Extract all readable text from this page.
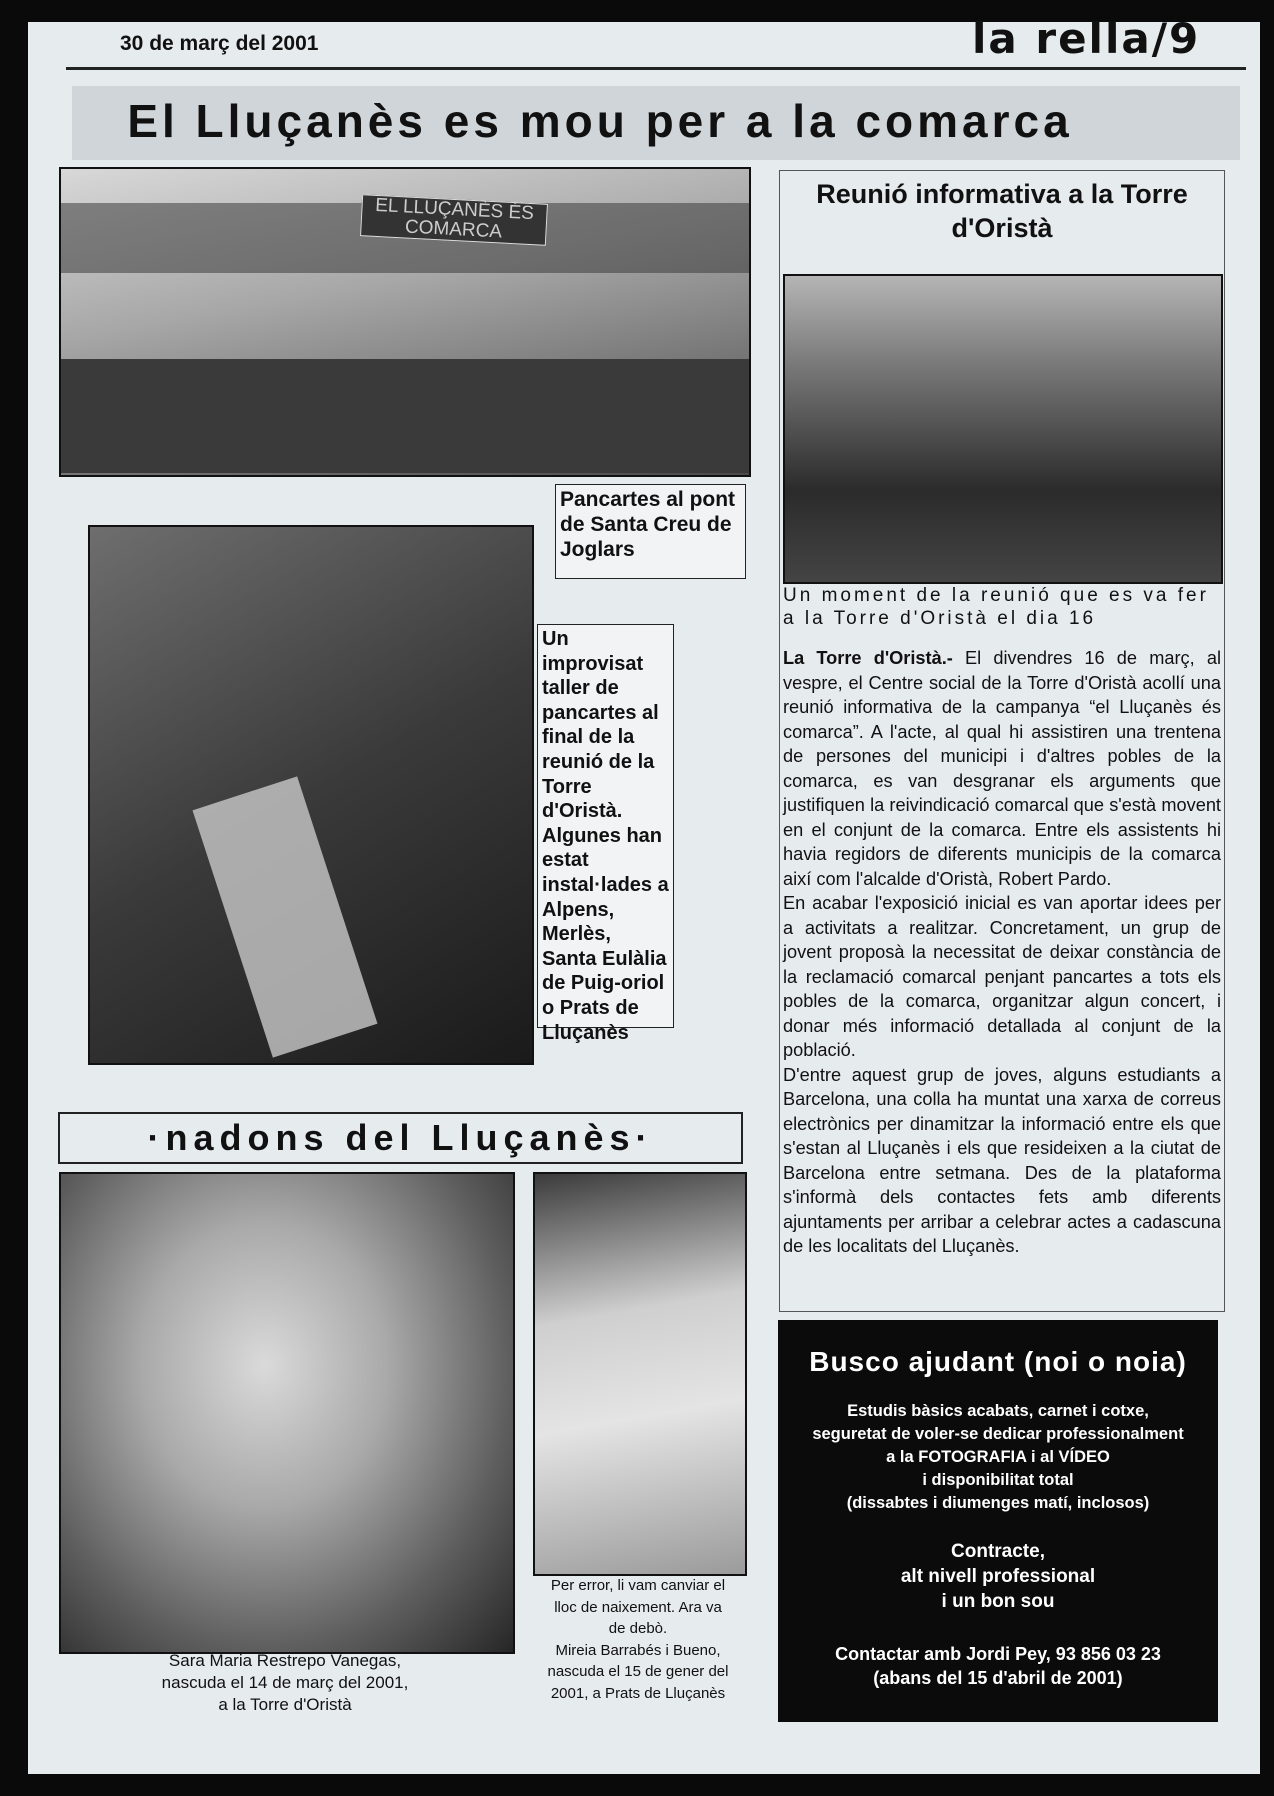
30 de març del 2001	la rella/9
El Lluçanès es mou per a la comarca
EL LLUÇANÈS ÉS COMARCA
Pancartes al pont de Santa Creu de Joglars
Un improvisat taller de pancartes al final de la reunió de la Torre d'Oristà. Algunes han estat instal·lades a Alpens, Merlès, Santa Eulàlia de Puig-oriol o Prats de Lluçanès
Reunió informativa a la Torre d'Oristà
Un moment de la reunió que es va fer a la Torre d'Oristà el dia 16
La Torre d'Oristà.- El divendres 16 de març, al vespre, el Centre social de la Torre d'Oristà acollí una reunió informativa de la campanya “el Lluçanès és comarca”. A l'acte, al qual hi assistiren una trentena de persones del municipi i d'altres pobles de la comarca, es van desgranar els arguments que justifiquen la reivindicació comarcal que s'està movent en el conjunt de la comarca. Entre els assistents hi havia regidors de diferents municipis de la comarca així com l'alcalde d'Oristà, Robert Pardo.
En acabar l'exposició inicial es van aportar idees per a activitats a realitzar. Concretament, un grup de jovent proposà la necessitat de deixar constància de la reclamació comarcal penjant pancartes a tots els pobles de la comarca, organitzar algun concert, i donar més informació detallada al conjunt de la població.
D'entre aquest grup de joves, alguns estudiants a Barcelona, una colla ha muntat una xarxa de correus electrònics per dinamitzar la informació entre els que s'estan al Lluçanès i els que resideixen a la ciutat de Barcelona entre setmana. Des de la plataforma s'informà dels contactes fets amb diferents ajuntaments per arribar a celebrar actes a cadascuna de les localitats del Lluçanès.
·nadons del Lluçanès·
Sara Maria Restrepo Vanegas,
nascuda el 14 de març del 2001,
a la Torre d'Oristà
Per error, li vam canviar el
lloc de naixement. Ara va
de debò.
Mireia Barrabés i Bueno,
nascuda el 15 de gener del
2001, a Prats de Lluçanès
Busco ajudant (noi o noia)
Estudis bàsics acabats, carnet i cotxe,
seguretat de voler-se dedicar professionalment
a la FOTOGRAFIA i al VÍDEO
i disponibilitat total
(dissabtes i diumenges matí, inclosos)
Contracte,
alt nivell professional
i un bon sou
Contactar amb Jordi Pey, 93 856 03 23
(abans del 15 d'abril de 2001)
